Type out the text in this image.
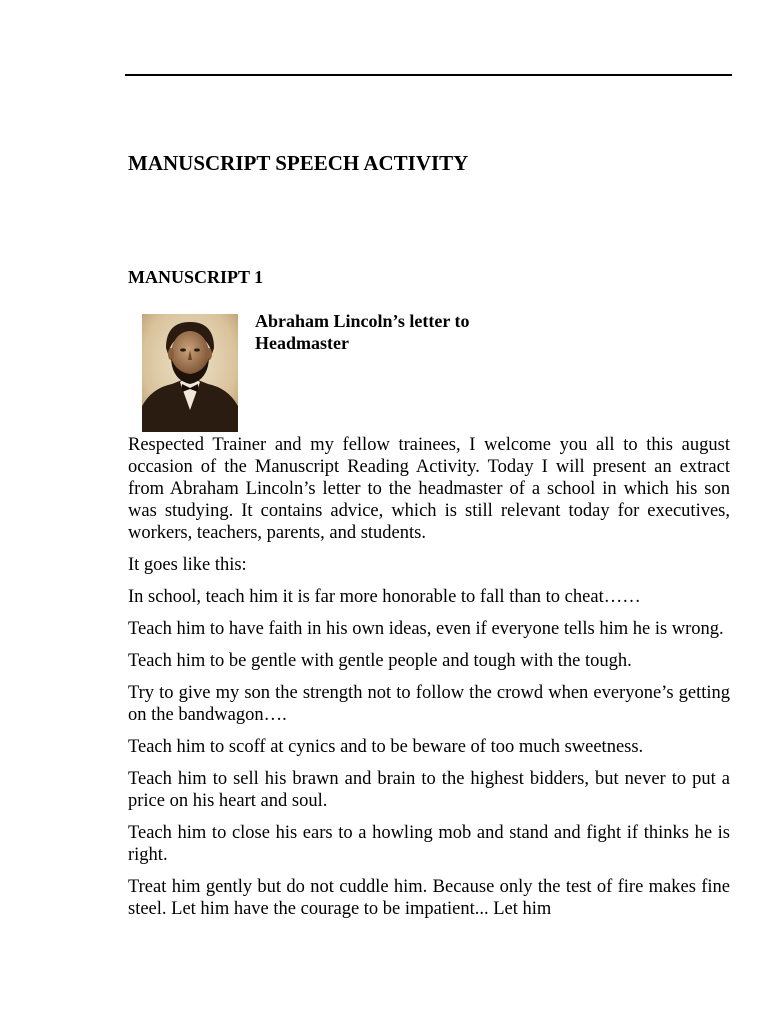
MANUSCRIPT SPEECH ACTIVITY
MANUSCRIPT 1
Abraham Lincoln’s letter to Headmaster

Respected Trainer and my fellow trainees, I welcome you all to this august occasion of the Manuscript Reading Activity. Today I will present an extract from Abraham Lincoln’s letter to the headmaster of a school in which his son was studying. It contains advice, which is still relevant today for executives, workers, teachers, parents, and students.

It goes like this:

In school, teach him it is far more honorable to fall than to cheat……

Teach him to have faith in his own ideas, even if everyone tells him he is wrong.

Teach him to be gentle with gentle people and tough with the tough.

Try to give my son the strength not to follow the crowd when everyone’s getting on the bandwagon….

Teach him to scoff at cynics and to be beware of too much sweetness.

Teach him to sell his brawn and brain to the highest bidders, but never to put a price on his heart and soul.

Teach him to close his ears to a howling mob and stand and fight if thinks he is right.

Treat him gently but do not cuddle him. Because only the test of fire makes fine steel. Let him have the courage to be impatient... Let him
